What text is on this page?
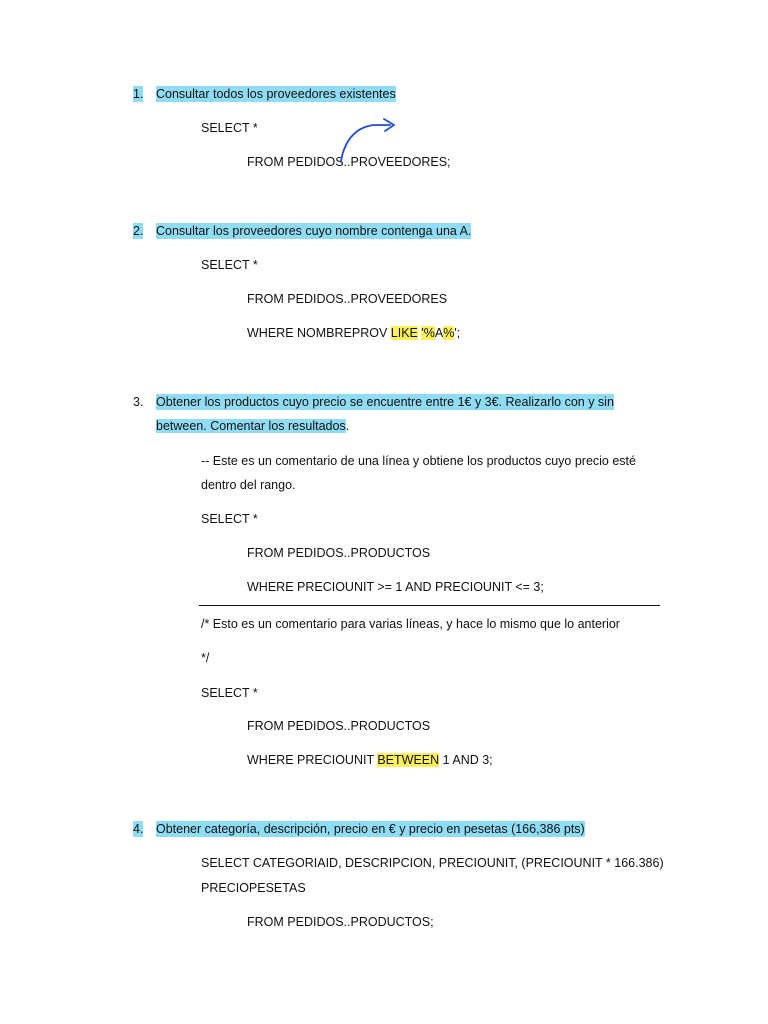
1. Consultar todos los proveedores existentes
SELECT *
FROM PEDIDOS..PROVEEDORES;
2. Consultar los proveedores cuyo nombre contenga una A.
SELECT *
FROM PEDIDOS..PROVEEDORES
WHERE NOMBREPROV LIKE '%A%';
3. Obtener los productos cuyo precio se encuentre entre 1€ y 3€. Realizarlo con y sin
between. Comentar los resultados.
-- Este es un comentario de una línea y obtiene los productos cuyo precio esté
dentro del rango.
SELECT *
FROM PEDIDOS..PRODUCTOS
WHERE PRECIOUNIT >= 1 AND PRECIOUNIT <= 3;
/* Esto es un comentario para varias líneas, y hace lo mismo que lo anterior
*/
SELECT *
FROM PEDIDOS..PRODUCTOS
WHERE PRECIOUNIT BETWEEN 1 AND 3;
4. Obtener categoría, descripción, precio en € y precio en pesetas (166,386 pts)
SELECT CATEGORIAID, DESCRIPCION, PRECIOUNIT, (PRECIOUNIT * 166.386)
PRECIOPESETAS
FROM PEDIDOS..PRODUCTOS;
